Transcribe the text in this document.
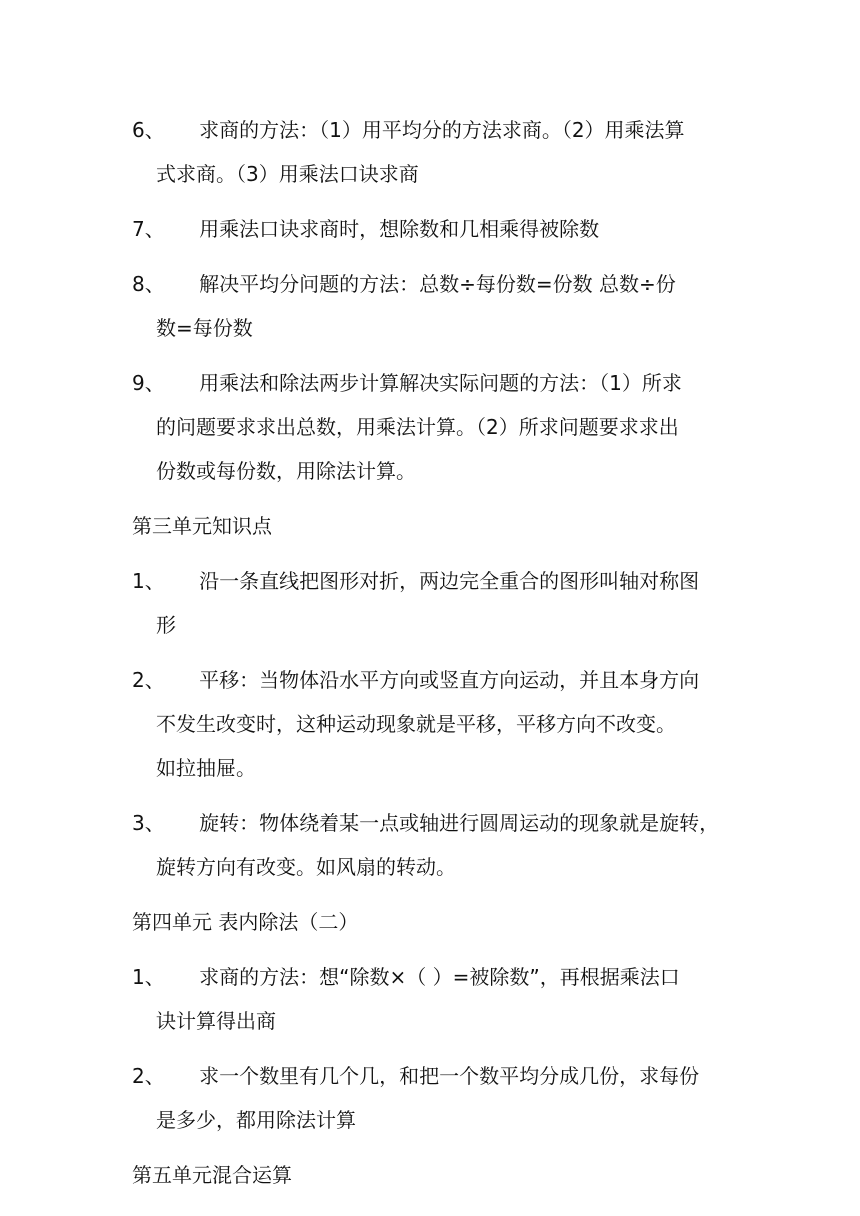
6、 求商的方法：（1）用平均分的方法求商。（2）用乘法算
式求商。（3）用乘法口诀求商
7、 用乘法口诀求商时，想除数和几相乘得被除数
8、 解决平均分问题的方法：总数÷每份数=份数 总数÷份
数=每份数
9、 用乘法和除法两步计算解决实际问题的方法：（1）所求
的问题要求求出总数，用乘法计算。（2）所求问题要求求出
份数或每份数，用除法计算。
第三单元知识点
1、 沿一条直线把图形对折，两边完全重合的图形叫轴对称图
形
2、 平移：当物体沿水平方向或竖直方向运动，并且本身方向
不发生改变时，这种运动现象就是平移，平移方向不改变。
如拉抽屉。
3、 旋转：物体绕着某一点或轴进行圆周运动的现象就是旋转，
旋转方向有改变。如风扇的转动。
第四单元 表内除法（二）
1、 求商的方法：想“除数×（ ）=被除数”，再根据乘法口
诀计算得出商
2、 求一个数里有几个几，和把一个数平均分成几份，求每份
是多少，都用除法计算
第五单元混合运算
